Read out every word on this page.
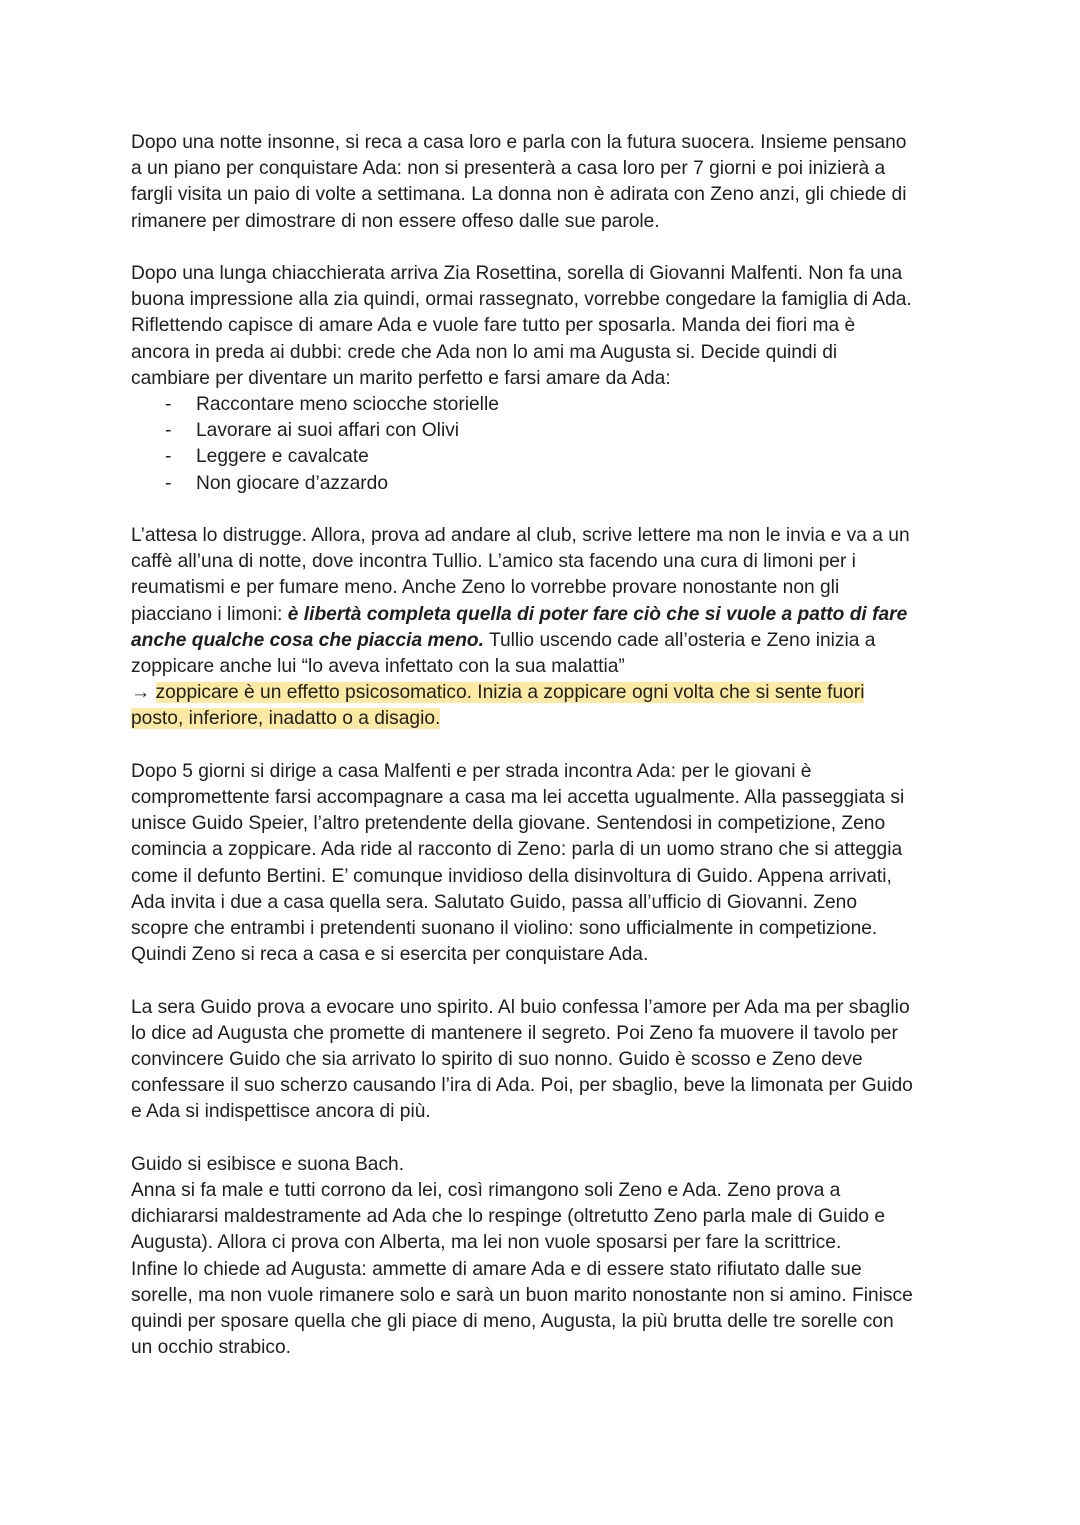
Dopo una notte insonne, si reca a casa loro e parla con la futura suocera. Insieme pensano
a un piano per conquistare Ada: non si presenterà a casa loro per 7 giorni e poi inizierà a
fargli visita un paio di volte a settimana. La donna non è adirata con Zeno anzi, gli chiede di
rimanere per dimostrare di non essere offeso dalle sue parole.

Dopo una lunga chiacchierata arriva Zia Rosettina, sorella di Giovanni Malfenti. Non fa una
buona impressione alla zia quindi, ormai rassegnato, vorrebbe congedare la famiglia di Ada.
Riflettendo capisce di amare Ada e vuole fare tutto per sposarla. Manda dei fiori ma è
ancora in preda ai dubbi: crede che Ada non lo ami ma Augusta si. Decide quindi di
cambiare per diventare un marito perfetto e farsi amare da Ada:
- Raccontare meno sciocche storielle
- Lavorare ai suoi affari con Olivi
- Leggere e cavalcate
- Non giocare d’azzardo

L’attesa lo distrugge. Allora, prova ad andare al club, scrive lettere ma non le invia e va a un
caffè all’una di notte, dove incontra Tullio. L’amico sta facendo una cura di limoni per i
reumatismi e per fumare meno. Anche Zeno lo vorrebbe provare nonostante non gli
piacciano i limoni: è libertà completa quella di poter fare ciò che si vuole a patto di fare
anche qualche cosa che piaccia meno. Tullio uscendo cade all’osteria e Zeno inizia a
zoppicare anche lui “lo aveva infettato con la sua malattia”
→ zoppicare è un effetto psicosomatico. Inizia a zoppicare ogni volta che si sente fuori
posto, inferiore, inadatto o a disagio.

Dopo 5 giorni si dirige a casa Malfenti e per strada incontra Ada: per le giovani è
compromettente farsi accompagnare a casa ma lei accetta ugualmente. Alla passeggiata si
unisce Guido Speier, l’altro pretendente della giovane. Sentendosi in competizione, Zeno
comincia a zoppicare. Ada ride al racconto di Zeno: parla di un uomo strano che si atteggia
come il defunto Bertini. E’ comunque invidioso della disinvoltura di Guido. Appena arrivati,
Ada invita i due a casa quella sera. Salutato Guido, passa all’ufficio di Giovanni. Zeno
scopre che entrambi i pretendenti suonano il violino: sono ufficialmente in competizione.
Quindi Zeno si reca a casa e si esercita per conquistare Ada.

La sera Guido prova a evocare uno spirito. Al buio confessa l’amore per Ada ma per sbaglio
lo dice ad Augusta che promette di mantenere il segreto. Poi Zeno fa muovere il tavolo per
convincere Guido che sia arrivato lo spirito di suo nonno. Guido è scosso e Zeno deve
confessare il suo scherzo causando l’ira di Ada. Poi, per sbaglio, beve la limonata per Guido
e Ada si indispettisce ancora di più.

Guido si esibisce e suona Bach.
Anna si fa male e tutti corrono da lei, così rimangono soli Zeno e Ada. Zeno prova a
dichiararsi maldestramente ad Ada che lo respinge (oltretutto Zeno parla male di Guido e
Augusta). Allora ci prova con Alberta, ma lei non vuole sposarsi per fare la scrittrice.
Infine lo chiede ad Augusta: ammette di amare Ada e di essere stato rifiutato dalle sue
sorelle, ma non vuole rimanere solo e sarà un buon marito nonostante non si amino. Finisce
quindi per sposare quella che gli piace di meno, Augusta, la più brutta delle tre sorelle con
un occhio strabico.
